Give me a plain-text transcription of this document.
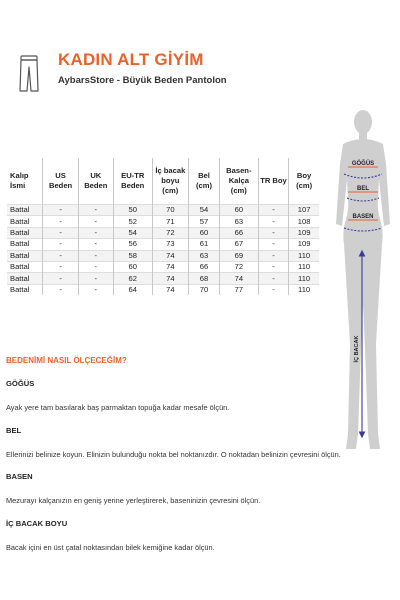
KADIN ALT GİYİM
AybarsStore - Büyük Beden Pantolon
Kalıp İsmi	US Beden	UK Beden	EU-TR Beden	İç bacak boyu (cm)	Bel (cm)	Basen-Kalça (cm)	TR Boy	Boy (cm)
Battal	-	-	50	70	54	60	-	107
Battal	-	-	52	71	57	63	-	108
Battal	-	-	54	72	60	66	-	109
Battal	-	-	56	73	61	67	-	109
Battal	-	-	58	74	63	69	-	110
Battal	-	-	60	74	66	72	-	110
Battal	-	-	62	74	68	74	-	110
Battal	-	-	64	74	70	77	-	110
GÖĞÜS
BEL
BASEN
İÇ BACAK
BEDENİMİ NASIL ÖLÇECEĞİM?
GÖĞÜS

Ayak yere tam basılarak baş parmaktan topuğa kadar mesafe ölçün.

BEL

Ellerinizi belinize koyun. Elinizin bulunduğu nokta bel noktanızdır. O noktadan belinizin çevresini ölçün.

BASEN

Mezurayı kalçanızın en geniş yerine yerleştirerek, baseninizin çevresini ölçün.

İÇ BACAK BOYU

Bacak içini en üst çatal noktasından bilek kemiğine kadar ölçün.
